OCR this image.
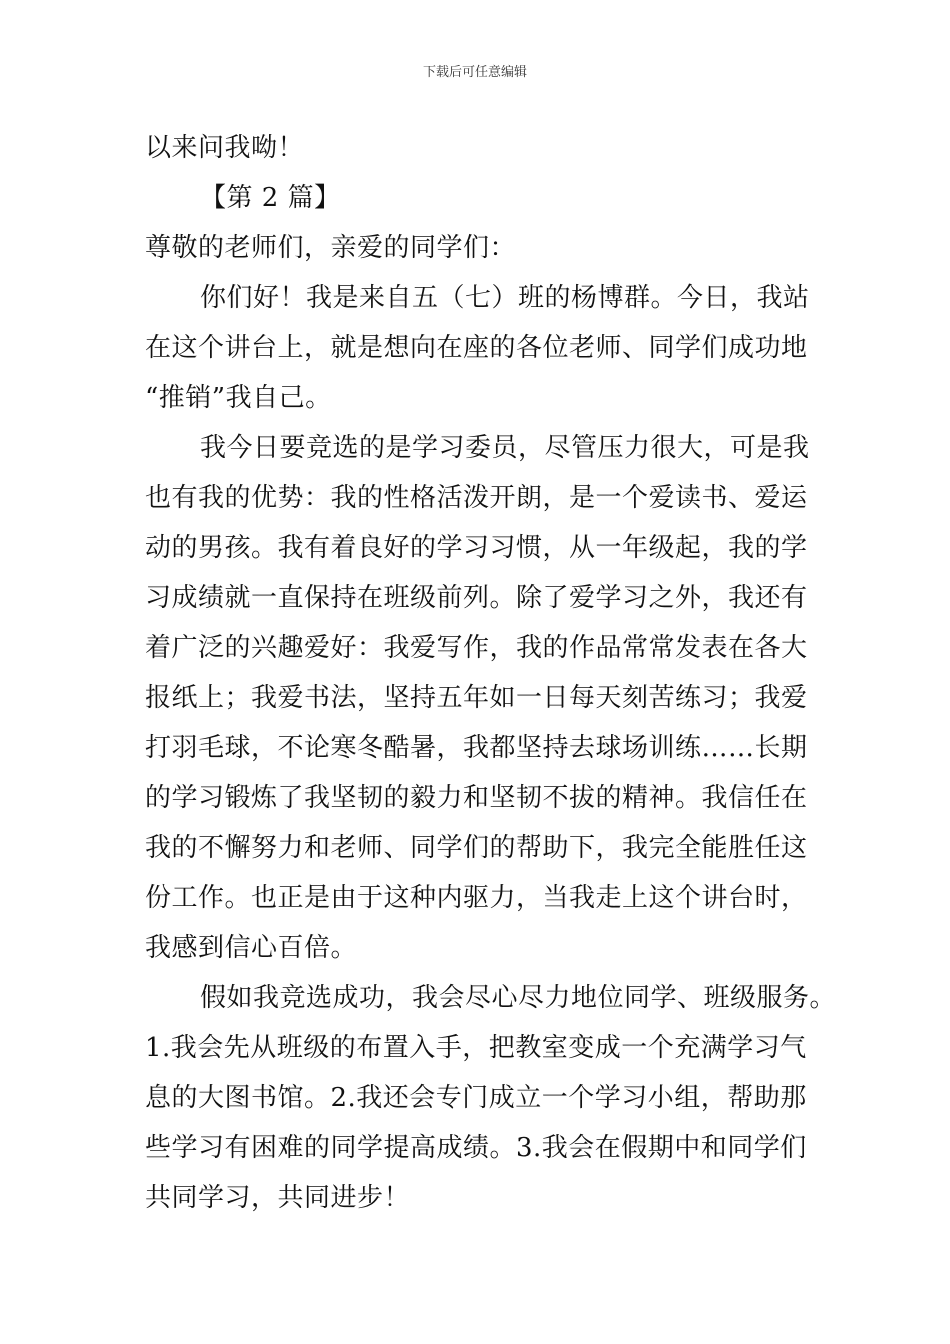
下载后可任意编辑
以来问我呦！
【第 2 篇】
尊敬的老师们，亲爱的同学们：
你们好！我是来自五（七）班的杨博群。今日，我站
在这个讲台上，就是想向在座的各位老师、同学们成功地
“推销”我自己。
我今日要竞选的是学习委员，尽管压力很大，可是我
也有我的优势：我的性格活泼开朗，是一个爱读书、爱运
动的男孩。我有着良好的学习习惯，从一年级起，我的学
习成绩就一直保持在班级前列。除了爱学习之外，我还有
着广泛的兴趣爱好：我爱写作，我的作品常常发表在各大
报纸上；我爱书法，坚持五年如一日每天刻苦练习；我爱
打羽毛球，不论寒冬酷暑，我都坚持去球场训练……长期
的学习锻炼了我坚韧的毅力和坚韧不拔的精神。我信任在
我的不懈努力和老师、同学们的帮助下，我完全能胜任这
份工作。也正是由于这种内驱力，当我走上这个讲台时，
我感到信心百倍。
假如我竞选成功，我会尽心尽力地位同学、班级服务。
1.我会先从班级的布置入手，把教室变成一个充满学习气
息的大图书馆。2.我还会专门成立一个学习小组，帮助那
些学习有困难的同学提高成绩。3.我会在假期中和同学们
共同学习，共同进步！
